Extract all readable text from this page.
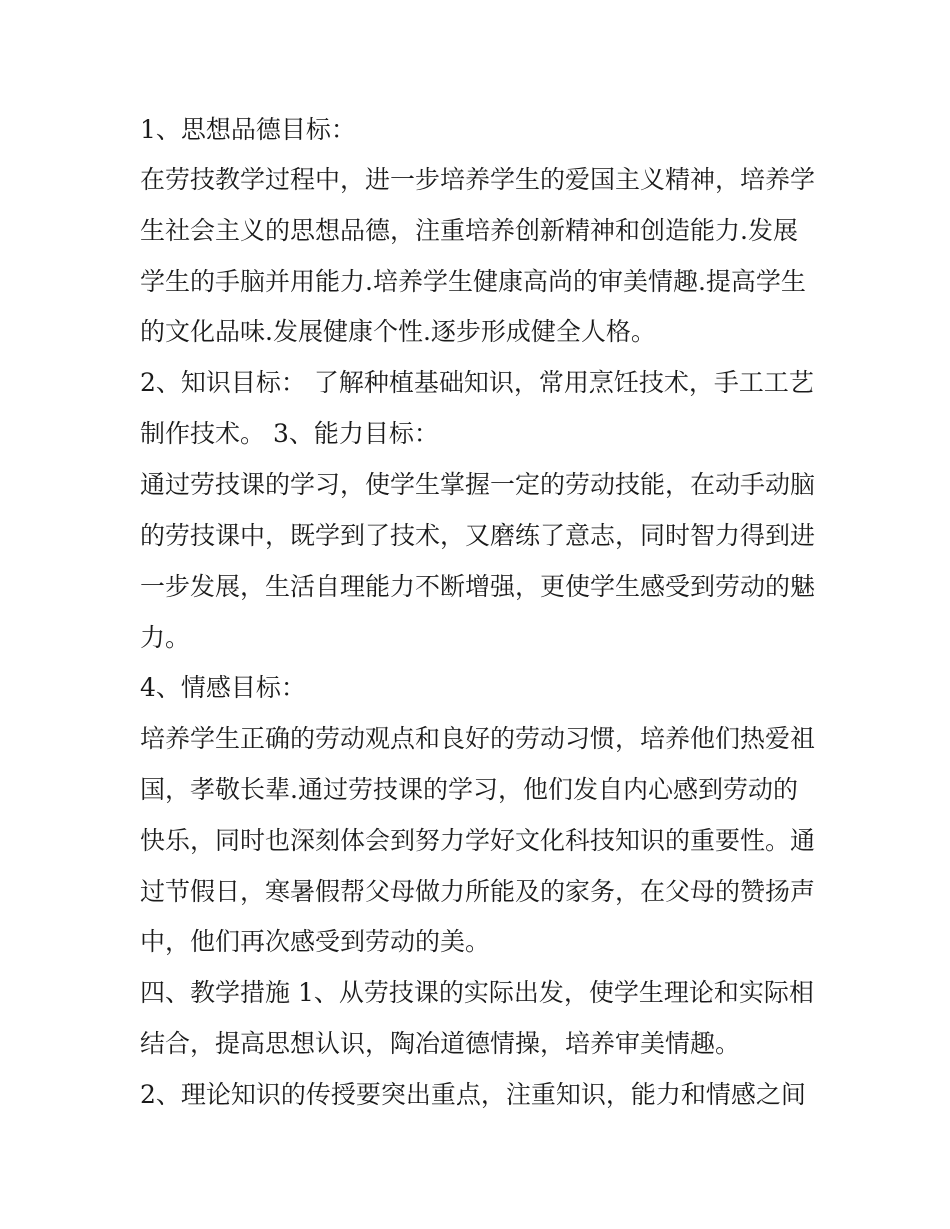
1、思想品德目标：
在劳技教学过程中，进一步培养学生的爱国主义精神，培养学
生社会主义的思想品德，注重培养创新精神和创造能力.发展
学生的手脑并用能力.培养学生健康高尚的审美情趣.提高学生
的文化品味.发展健康个性.逐步形成健全人格。
2、知识目标： 了解种植基础知识，常用烹饪技术，手工工艺
制作技术。 3、能力目标：
通过劳技课的学习，使学生掌握一定的劳动技能，在动手动脑
的劳技课中，既学到了技术，又磨练了意志，同时智力得到进
一步发展，生活自理能力不断增强，更使学生感受到劳动的魅
力。
4、情感目标：
培养学生正确的劳动观点和良好的劳动习惯，培养他们热爱祖
国，孝敬长辈.通过劳技课的学习，他们发自内心感到劳动的
快乐，同时也深刻体会到努力学好文化科技知识的重要性。通
过节假日，寒暑假帮父母做力所能及的家务，在父母的赞扬声
中，他们再次感受到劳动的美。
四、教学措施 1、从劳技课的实际出发，使学生理论和实际相
结合，提高思想认识，陶冶道德情操，培养审美情趣。
2、理论知识的传授要突出重点，注重知识，能力和情感之间
